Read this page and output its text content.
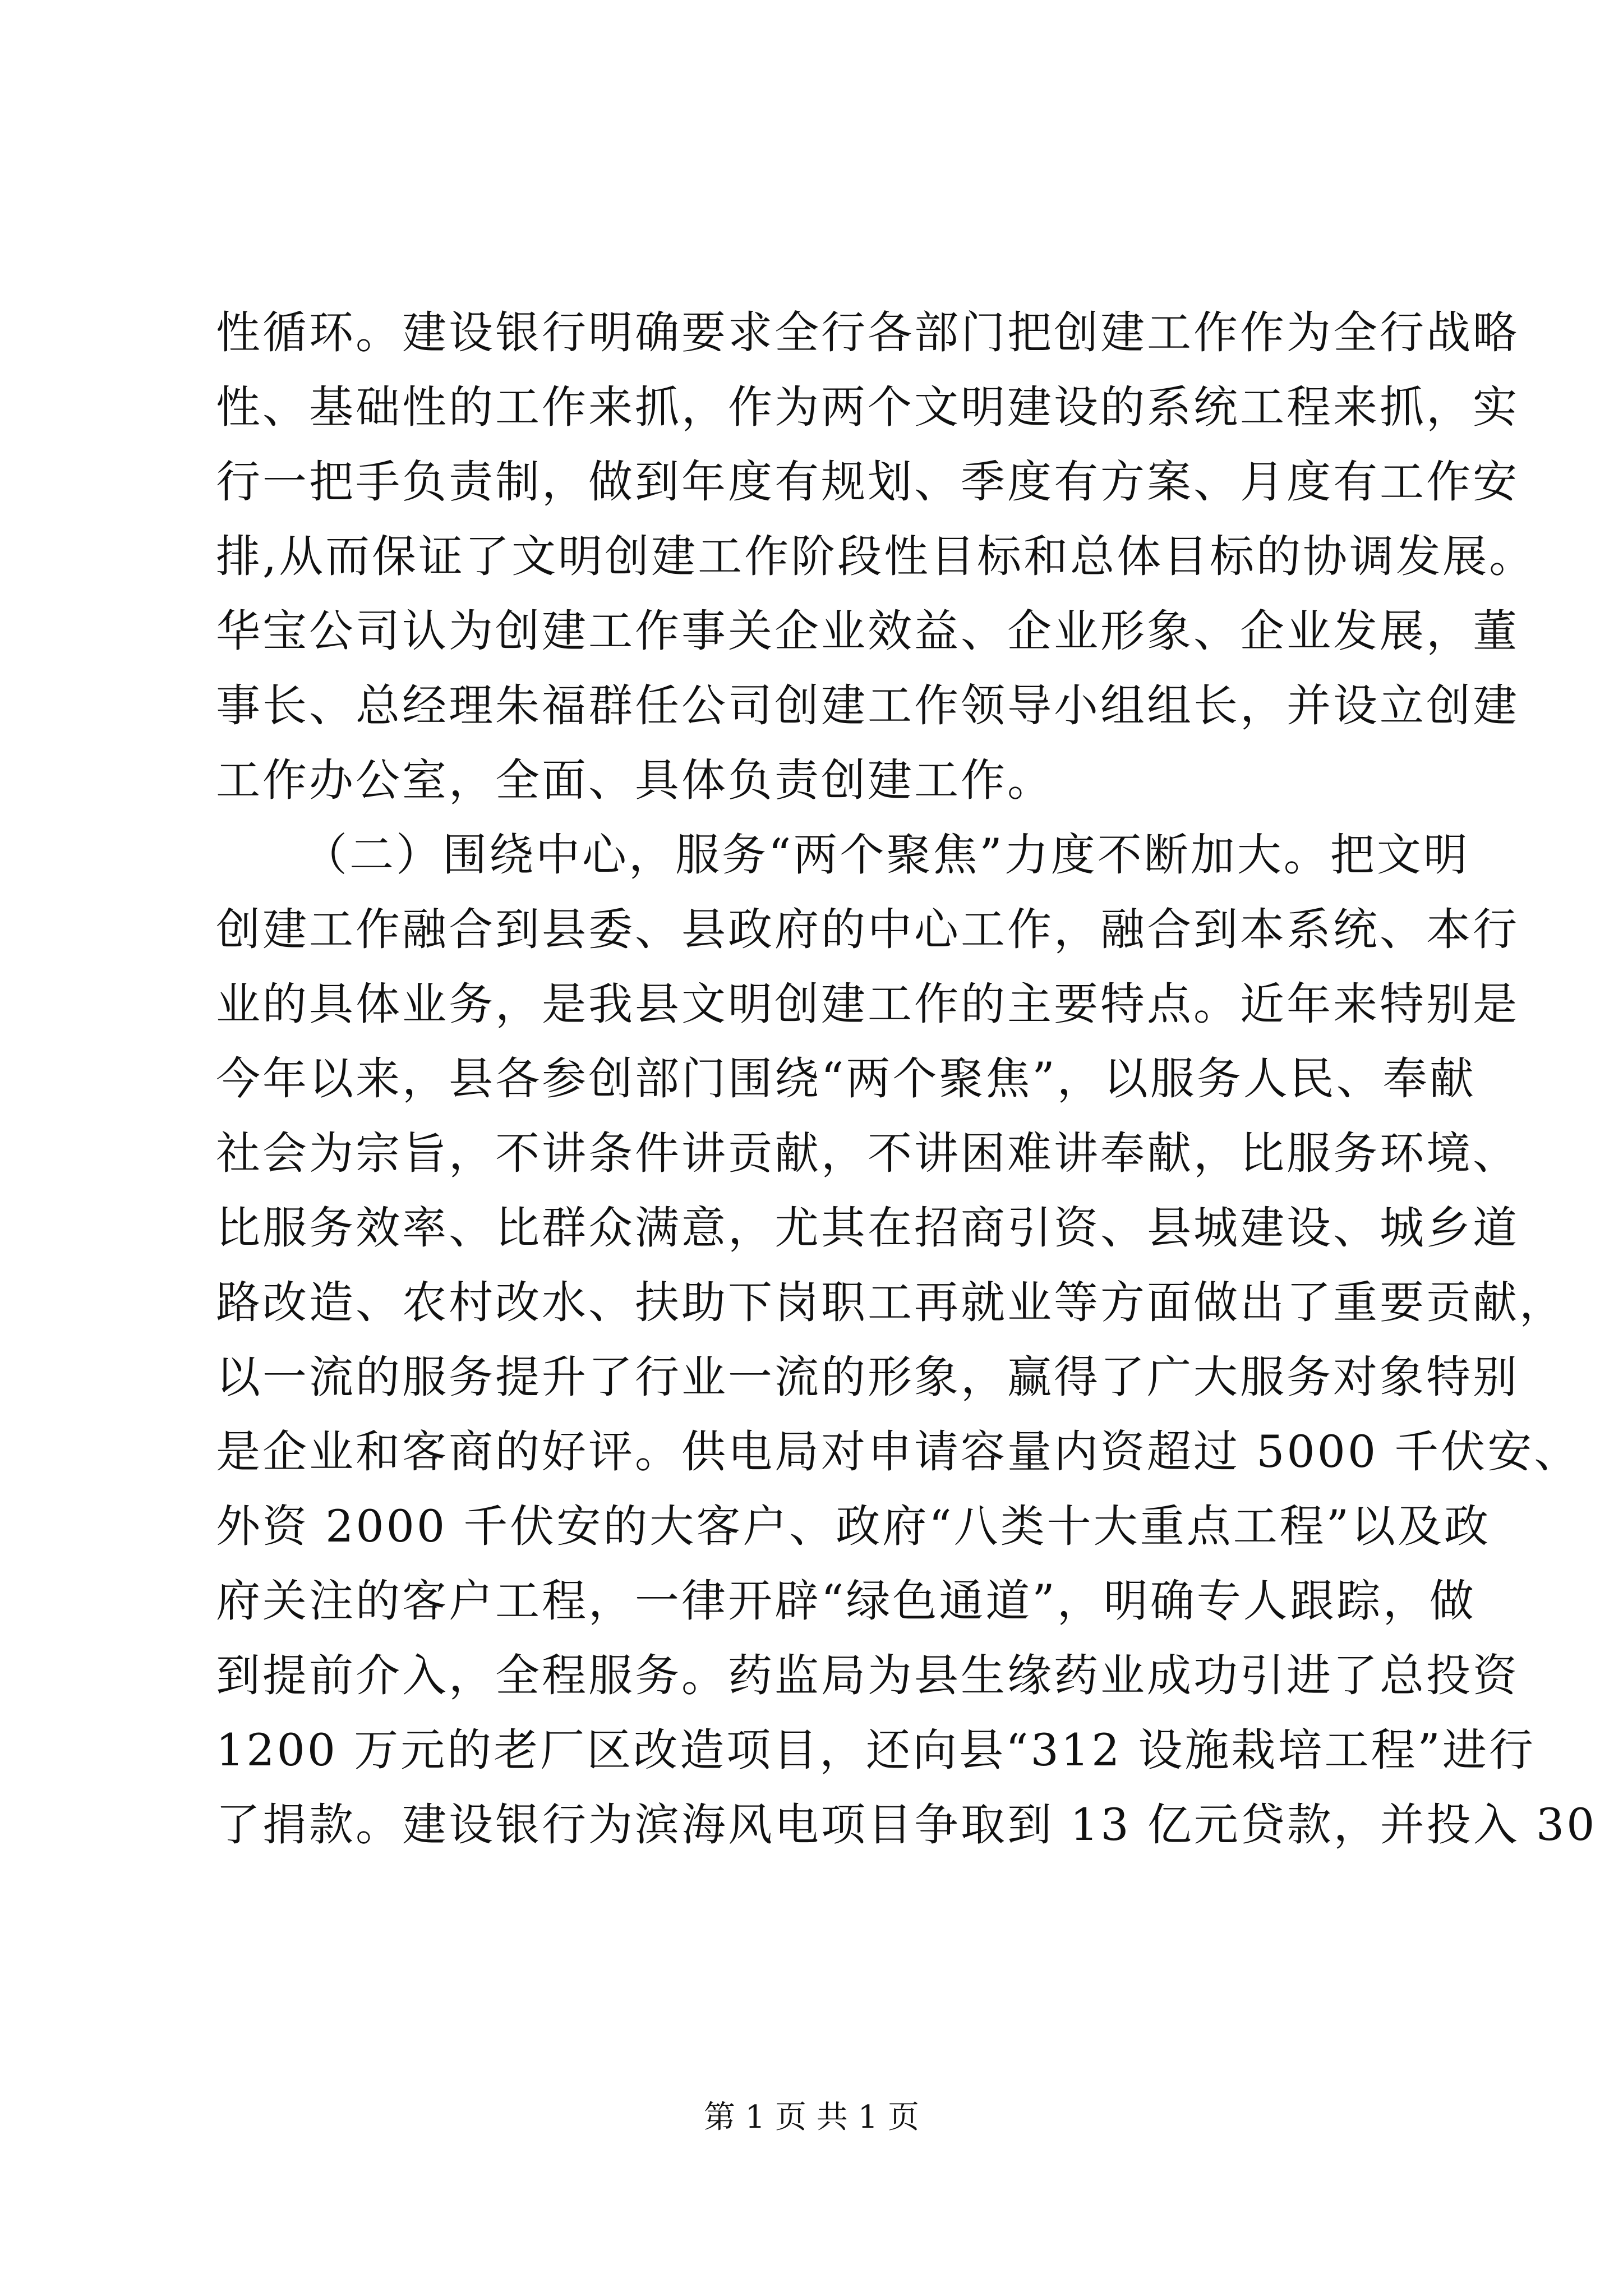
性循环。建设银行明确要求全行各部门把创建工作作为全行战略
性、基础性的工作来抓，作为两个文明建设的系统工程来抓，实
行一把手负责制，做到年度有规划、季度有方案、月度有工作安
排,从而保证了文明创建工作阶段性目标和总体目标的协调发展。
华宝公司认为创建工作事关企业效益、企业形象、企业发展，董
事长、总经理朱福群任公司创建工作领导小组组长，并设立创建
工作办公室，全面、具体负责创建工作。
（二）围绕中心，服务“两个聚焦”力度不断加大。把文明
创建工作融合到县委、县政府的中心工作，融合到本系统、本行
业的具体业务，是我县文明创建工作的主要特点。近年来特别是
今年以来，县各参创部门围绕“两个聚焦”，以服务人民、奉献
社会为宗旨，不讲条件讲贡献，不讲困难讲奉献，比服务环境、
比服务效率、比群众满意，尤其在招商引资、县城建设、城乡道
路改造、农村改水、扶助下岗职工再就业等方面做出了重要贡献，
以一流的服务提升了行业一流的形象，赢得了广大服务对象特别
是企业和客商的好评。供电局对申请容量内资超过 5000 千伏安、
外资 2000 千伏安的大客户、政府“八类十大重点工程”以及政
府关注的客户工程，一律开辟“绿色通道”，明确专人跟踪，做
到提前介入，全程服务。药监局为县生缘药业成功引进了总投资
1200 万元的老厂区改造项目，还向县“312 设施栽培工程”进行
了捐款。建设银行为滨海风电项目争取到 13 亿元贷款，并投入 30
第 1 页 共 1 页
